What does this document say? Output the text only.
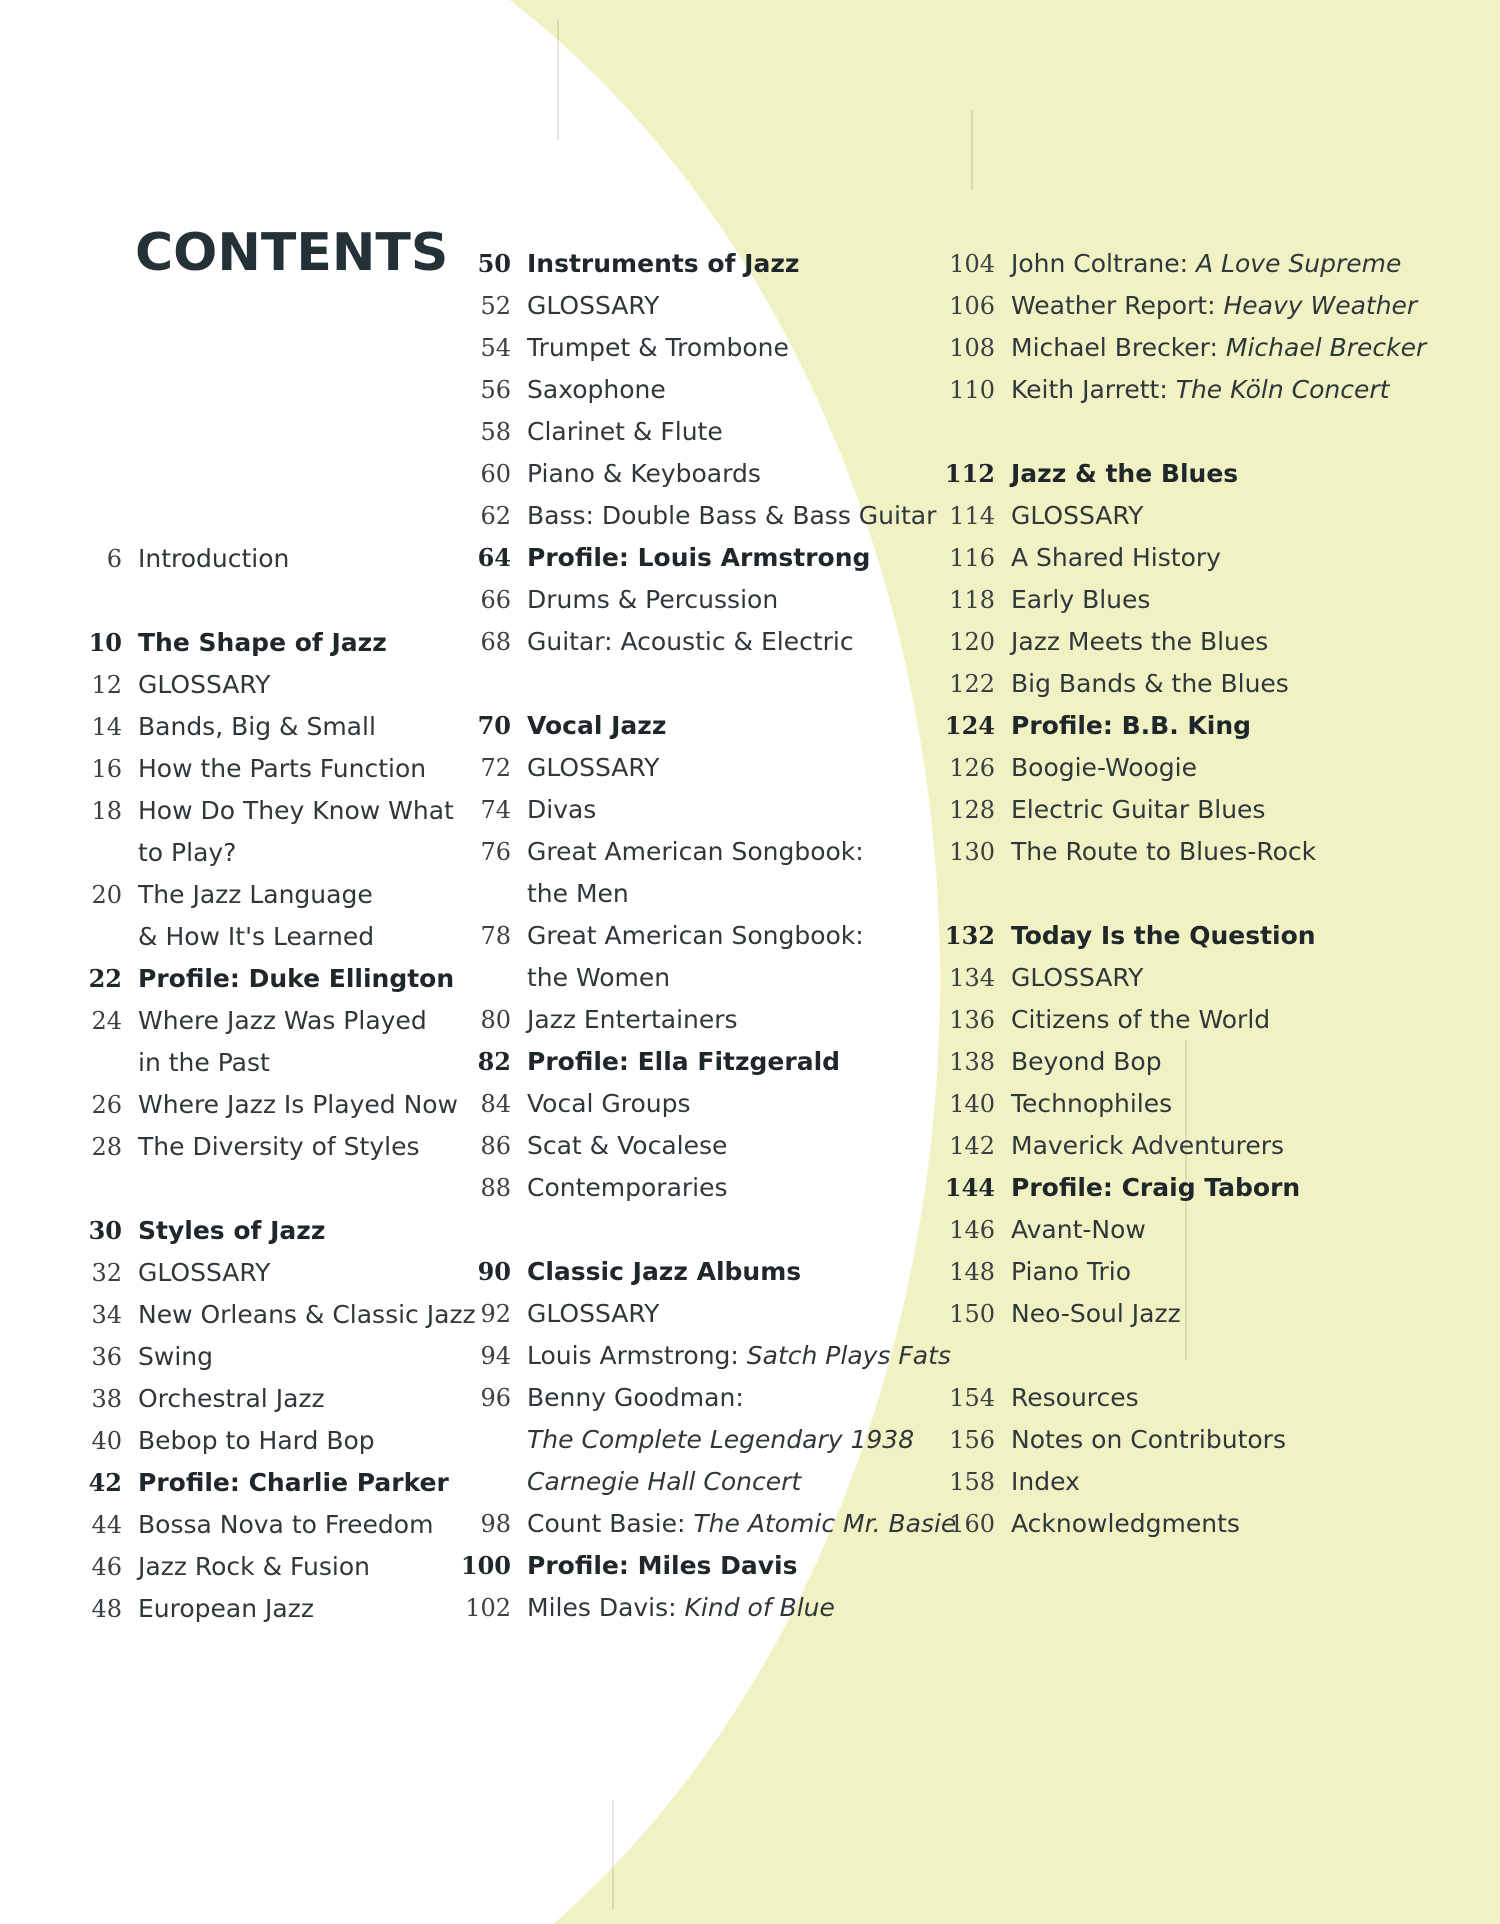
CONTENTS
6 Introduction
10 The Shape of Jazz
12 GLOSSARY
14 Bands, Big & Small
16 How the Parts Function
18 How Do They Know What
to Play?
20 The Jazz Language
& How It's Learned
22 Profile: Duke Ellington
24 Where Jazz Was Played
in the Past
26 Where Jazz Is Played Now
28 The Diversity of Styles
30 Styles of Jazz
32 GLOSSARY
34 New Orleans & Classic Jazz
36 Swing
38 Orchestral Jazz
40 Bebop to Hard Bop
42 Profile: Charlie Parker
44 Bossa Nova to Freedom
46 Jazz Rock & Fusion
48 European Jazz
50 Instruments of Jazz
52 GLOSSARY
54 Trumpet & Trombone
56 Saxophone
58 Clarinet & Flute
60 Piano & Keyboards
62 Bass: Double Bass & Bass Guitar
64 Profile: Louis Armstrong
66 Drums & Percussion
68 Guitar: Acoustic & Electric
70 Vocal Jazz
72 GLOSSARY
74 Divas
76 Great American Songbook:
the Men
78 Great American Songbook:
the Women
80 Jazz Entertainers
82 Profile: Ella Fitzgerald
84 Vocal Groups
86 Scat & Vocalese
88 Contemporaries
90 Classic Jazz Albums
92 GLOSSARY
94 Louis Armstrong: Satch Plays Fats
96 Benny Goodman:
The Complete Legendary 1938
Carnegie Hall Concert
98 Count Basie: The Atomic Mr. Basie
100 Profile: Miles Davis
102 Miles Davis: Kind of Blue
104 John Coltrane: A Love Supreme
106 Weather Report: Heavy Weather
108 Michael Brecker: Michael Brecker
110 Keith Jarrett: The Köln Concert
112 Jazz & the Blues
114 GLOSSARY
116 A Shared History
118 Early Blues
120 Jazz Meets the Blues
122 Big Bands & the Blues
124 Profile: B.B. King
126 Boogie-Woogie
128 Electric Guitar Blues
130 The Route to Blues-Rock
132 Today Is the Question
134 GLOSSARY
136 Citizens of the World
138 Beyond Bop
140 Technophiles
142 Maverick Adventurers
144 Profile: Craig Taborn
146 Avant-Now
148 Piano Trio
150 Neo-Soul Jazz
154 Resources
156 Notes on Contributors
158 Index
160 Acknowledgments
